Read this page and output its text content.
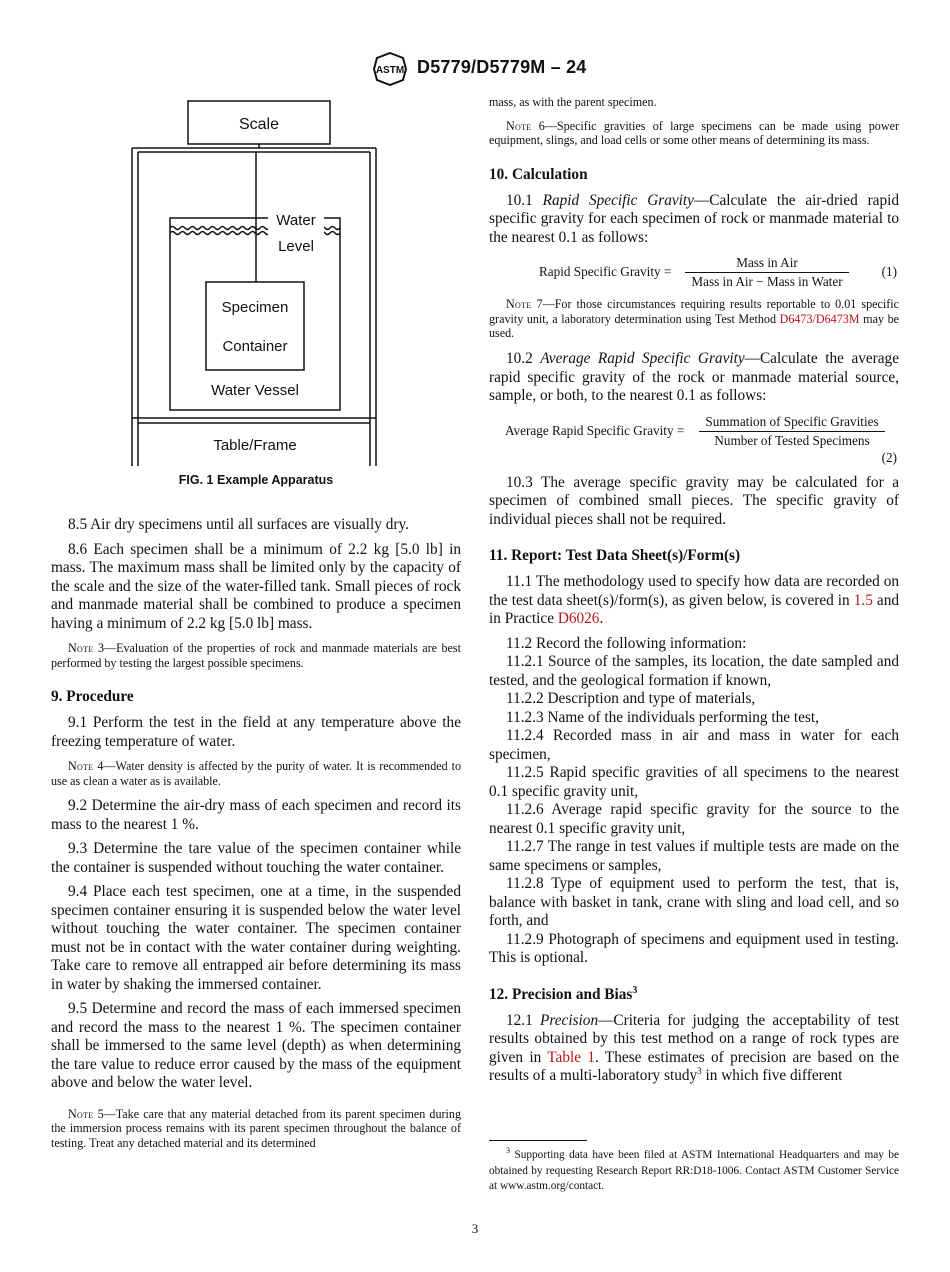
ASTM D5779/D5779M – 24
Scale
Water
Level
Specimen
Container
Water Vessel
Table/Frame
FIG. 1 Example Apparatus

8.5 Air dry specimens until all surfaces are visually dry.

8.6 Each specimen shall be a minimum of 2.2 kg [5.0 lb] in mass. The maximum mass shall be limited only by the capacity of the scale and the size of the water-filled tank. Small pieces of rock and manmade material shall be combined to produce a specimen having a minimum of 2.2 kg [5.0 lb] mass.

Note 3—Evaluation of the properties of rock and manmade materials are best performed by testing the largest possible specimens.
9. Procedure

9.1 Perform the test in the field at any temperature above the freezing temperature of water.

Note 4—Water density is affected by the purity of water. It is recommended to use as clean a water as is available.

9.2 Determine the air-dry mass of each specimen and record its mass to the nearest 1 %.

9.3 Determine the tare value of the specimen container while the container is suspended without touching the water container.

9.4 Place each test specimen, one at a time, in the suspended specimen container ensuring it is suspended below the water level without touching the water container. The specimen container must not be in contact with the water container during weighting. Take care to remove all entrapped air before determining its mass in water by shaking the immersed container.

9.5 Determine and record the mass of each immersed specimen and record the mass to the nearest 1 %. The specimen container shall be immersed to the same level (depth) as when determining the tare value to reduce error caused by the mass of the equipment above and below the water level.

Note 5—Take care that any material detached from its parent specimen during the immersion process remains with its parent specimen throughout the balance of testing. Treat any detached material and its determined
mass, as with the parent specimen.
Note 6—Specific gravities of large specimens can be made using power equipment, slings, and load cells or some other means of determining its mass.
10. Calculation

10.1 Rapid Specific Gravity—Calculate the air-dried rapid specific gravity for each specimen of rock or manmade material to the nearest 0.1 as follows:

Rapid Specific Gravity =
Mass in Air
Mass in Air − Mass in Water
(1)
Note 7—For those circumstances requiring results reportable to 0.01 specific gravity unit, a laboratory determination using Test Method D6473/D6473M may be used.

10.2 Average Rapid Specific Gravity—Calculate the average rapid specific gravity of the rock or manmade material source, sample, or both, to the nearest 0.1 as follows:

Average Rapid Specific Gravity =
Summation of Specific Gravities
Number of Tested Specimens
(2)

10.3 The average specific gravity may be calculated for a specimen of combined small pieces. The specific gravity of individual pieces shall not be required.

11. Report: Test Data Sheet(s)/Form(s)

11.1 The methodology used to specify how data are recorded on the test data sheet(s)/form(s), as given below, is covered in 1.5 and in Practice D6026.

11.2 Record the following information:

11.2.1 Source of the samples, its location, the date sampled and tested, and the geological formation if known,

11.2.2 Description and type of materials,

11.2.3 Name of the individuals performing the test,

11.2.4 Recorded mass in air and mass in water for each specimen,

11.2.5 Rapid specific gravities of all specimens to the nearest 0.1 specific gravity unit,

11.2.6 Average rapid specific gravity for the source to the nearest 0.1 specific gravity unit,

11.2.7 The range in test values if multiple tests are made on the same specimens or samples,

11.2.8 Type of equipment used to perform the test, that is, balance with basket in tank, crane with sling and load cell, and so forth, and

11.2.9 Photograph of specimens and equipment used in testing. This is optional.

12. Precision and Bias$^3$

12.1 Precision—Criteria for judging the acceptability of test results obtained by this test method on a range of rock types are given in Table 1. These estimates of precision are based on the results of a multi-laboratory study$^3$ in which five different

$^3$ Supporting data have been filed at ASTM International Headquarters and may be obtained by requesting Research Report RR:D18-1006. Contact ASTM Customer Service at www.astm.org/contact.
3
